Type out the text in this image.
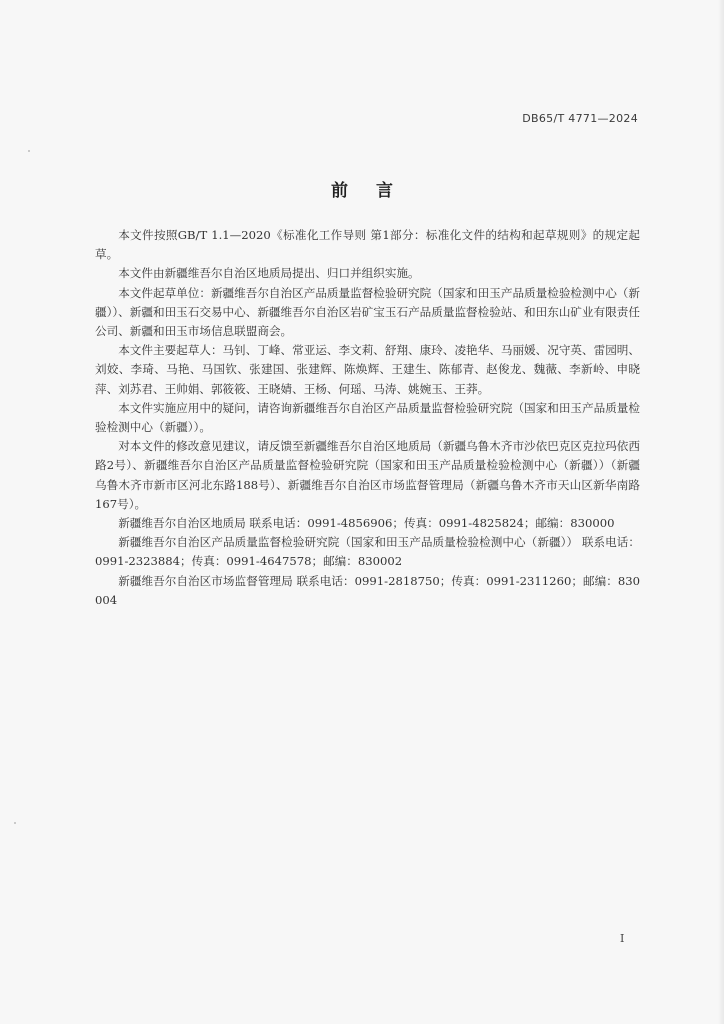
DB65/T 4771—2024
前言

本文件按照GB/T 1.1—2020《标准化工作导则 第1部分：标准化文件的结构和起草规则》的规定起草。

本文件由新疆维吾尔自治区地质局提出、归口并组织实施。

本文件起草单位：新疆维吾尔自治区产品质量监督检验研究院（国家和田玉产品质量检验检测中心（新疆））、新疆和田玉石交易中心、新疆维吾尔自治区岩矿宝玉石产品质量监督检验站、和田东山矿业有限责任公司、新疆和田玉市场信息联盟商会。

本文件主要起草人：马钊、丁峰、常亚运、李文莉、舒翔、康玲、凌艳华、马丽媛、况守英、雷园明、刘姣、李琦、马艳、马国钦、张建国、张建辉、陈焕辉、王建生、陈郁青、赵俊龙、魏薇、李新岭、申晓萍、刘苏君、王帅娟、郭筱筱、王晓婧、王杨、何瑶、马涛、姚婉玉、王莽。

本文件实施应用中的疑问，请咨询新疆维吾尔自治区产品质量监督检验研究院（国家和田玉产品质量检验检测中心（新疆））。

对本文件的修改意见建议，请反馈至新疆维吾尔自治区地质局（新疆乌鲁木齐市沙依巴克区克拉玛依西路2号）、新疆维吾尔自治区产品质量监督检验研究院（国家和田玉产品质量检验检测中心（新疆））（新疆乌鲁木齐市新市区河北东路188号）、新疆维吾尔自治区市场监督管理局（新疆乌鲁木齐市天山区新华南路167号）。

新疆维吾尔自治区地质局 联系电话：0991-4856906；传真：0991-4825824；邮编：830000

新疆维吾尔自治区产品质量监督检验研究院（国家和田玉产品质量检验检测中心（新疆）） 联系电话：0991-2323884；传真：0991-4647578；邮编：830002

新疆维吾尔自治区市场监督管理局 联系电话：0991-2818750；传真：0991-2311260；邮编：830004

I
